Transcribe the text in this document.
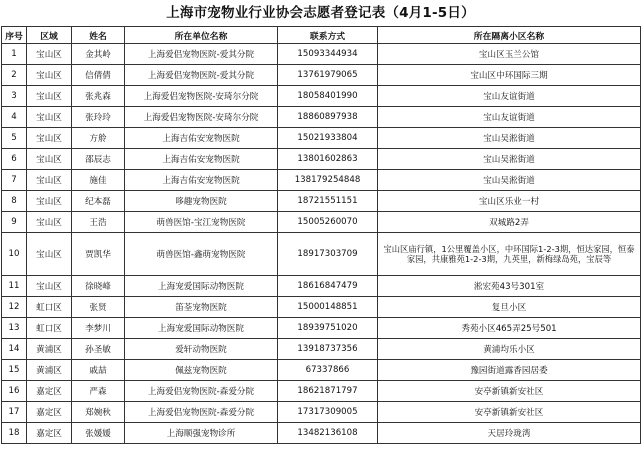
上海市宠物业行业协会志愿者登记表（4月1-5日）
序号	区域	姓名	所在单位名称	联系方式	所在隔离小区名称
1	宝山区	金其岭	上海爱侣宠物医院-爱其分院	15093344934	宝山区玉兰公馆
2	宝山区	信倩倩	上海爱侣宠物医院-爱其分院	13761979065	宝山区中环国际三期
3	宝山区	张兆森	上海爱侣宠物医院-安琦尔分院	18058401990	宝山友谊街道
4	宝山区	张玲玲	上海爱侣宠物医院-安琦尔分院	18860897938	宝山友谊街道
5	宝山区	方舲	上海吉佑安宠物医院	15021933804	宝山吴淞街道
6	宝山区	邵辰志	上海吉佑安宠物医院	13801602863	宝山吴淞街道
7	宝山区	施佳	上海吉佑安宠物医院	138179254848	宝山吴淞街道
8	宝山区	纪本磊	哆趣宠物医院	18721551151	宝山区乐业一村
9	宝山区	王浩	萌兽医馆-宝江宠物医院	15005260070	双城路2弄
10	宝山区	贾凯华	萌兽医馆-鑫萌宠物医院	18917303709	宝山区庙行镇，1公里覆盖小区，中环国际1-2-3期，恒达家园，恒泰家园，共康雅苑1-2-3期，九英里，新梅绿岛苑，宝辰等
11	宝山区	徐晓峰	上海宠爱国际动物医院	18616847479	淞宏苑43号301室
12	虹口区	张贤	笛荃宠物医院	15000148851	复旦小区
13	虹口区	李梦川	上海宠爱国际动物医院	18939751020	秀苑小区465弄25号501
14	黄浦区	孙圣敏	爱轩动物医院	13918737356	黄浦均乐小区
15	黄浦区	戚喆	佩兹宠物医院	67337866	豫园街道露香园居委
16	嘉定区	严森	上海爱侣宠物医院-森爱分院	18621871797	安亭新镇新安社区
17	嘉定区	郑婉秋	上海爱侣宠物医院-森爱分院	17317309005	安亭新镇新安社区
18	嘉定区	张媛媛	上海顺强宠物诊所	13482136108	天居玲珑湾
